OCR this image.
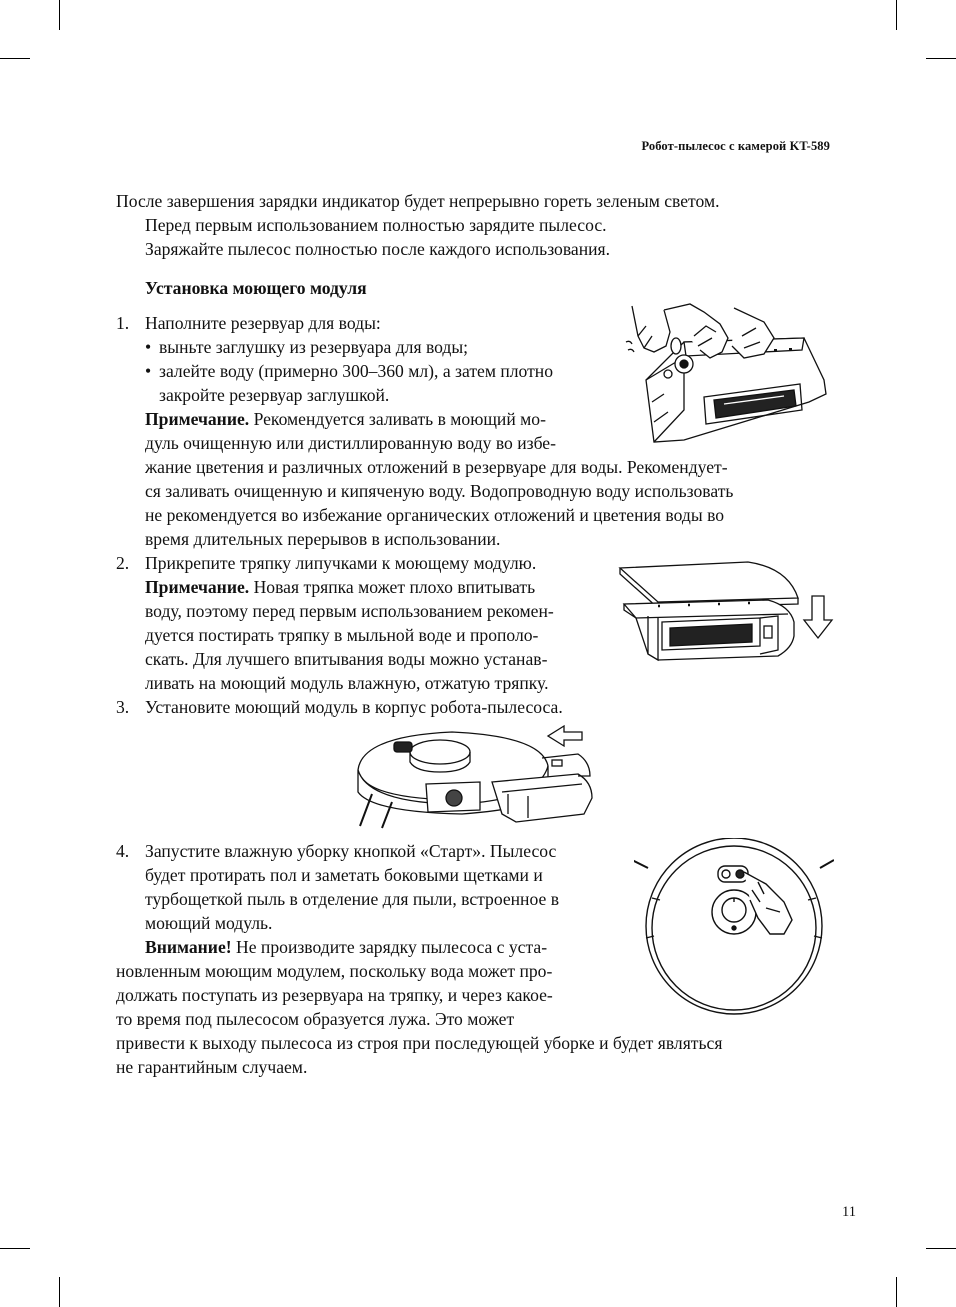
Робот-пылесос с камерой KT-589
После завершения зарядки индикатор будет непрерывно гореть зеленым светом.
Перед первым использованием полностью зарядите пылесос.
Заряжайте пылесос полностью после каждого использования.
Установка моющего модуля
1. Наполните резервуар для воды:
• выньте заглушку из резервуара для воды;
• залейте воду (примерно 300–360 мл), а затем плотно
закройте резервуар заглушкой.
Примечание. Рекомендуется заливать в моющий мо-
дуль очищенную или дистиллированную воду во избе-
жание цветения и различных отложений в резервуаре для воды. Рекомендует-
ся заливать очищенную и кипяченую воду. Водопроводную воду использовать
не рекомендуется во избежание органических отложений и цветения воды во
время длительных перерывов в использовании.
2. Прикрепите тряпку липучками к моющему модулю.
Примечание. Новая тряпка может плохо впитывать
воду, поэтому перед первым использованием рекомен-
дуется постирать тряпку в мыльной воде и прополо-
скать. Для лучшего впитывания воды можно устанав-
ливать на моющий модуль влажную, отжатую тряпку.
3. Установите моющий модуль в корпус робота-пылесоса.
4. Запустите влажную уборку кнопкой «Старт». Пылесос
будет протирать пол и заметать боковыми щетками и
турбощеткой пыль в отделение для пыли, встроенное в
моющий модуль.
Внимание! Не производите зарядку пылесоса с уста-
новленным моющим модулем, поскольку вода может про-
должать поступать из резервуара на тряпку, и через какое-
то время под пылесосом образуется лужа. Это может
привести к выходу пылесоса из строя при последующей уборке и будет являться
не гарантийным случаем.
11
